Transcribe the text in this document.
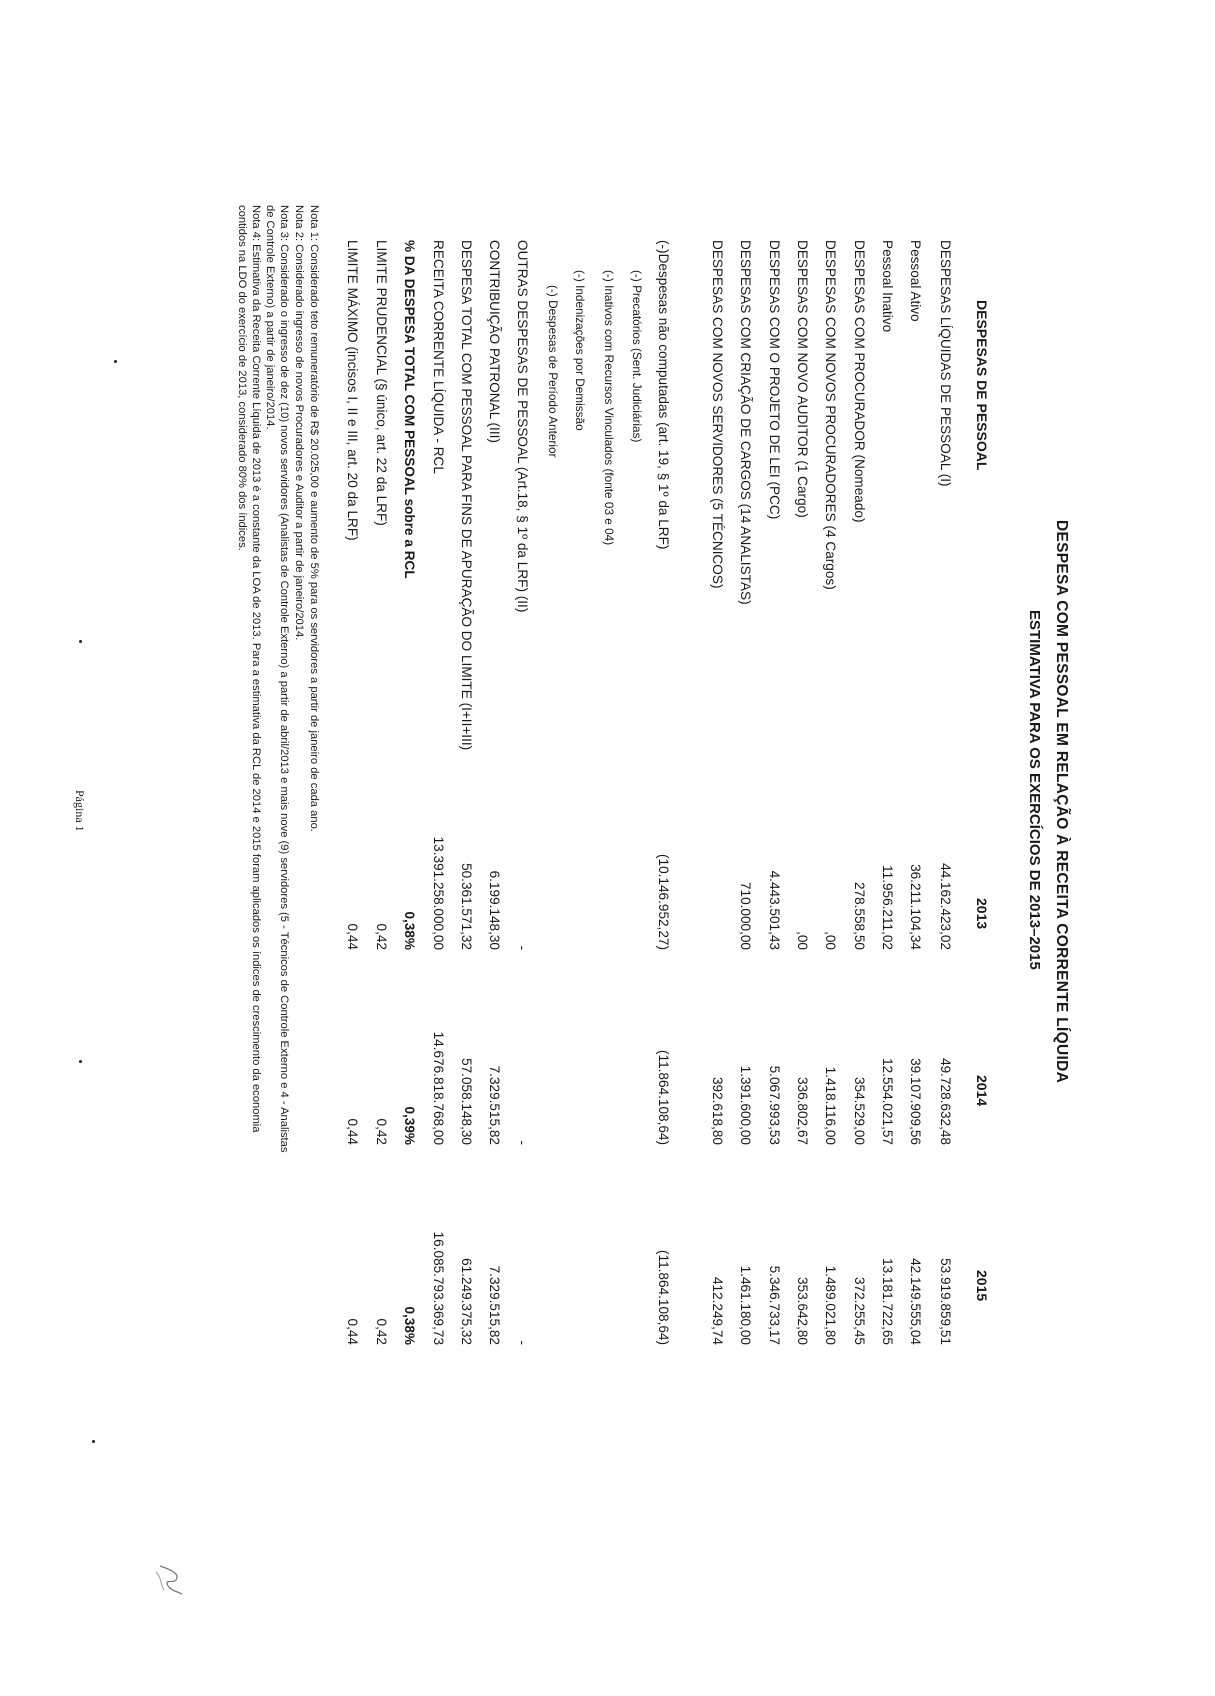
DESPESA COM PESSOAL EM RELAÇÃO À RECEITA CORRENTE LÍQUIDA
ESTIMATIVA PARA OS EXERCÍCIOS DE 2013–2015
DESPESAS DE PESSOAL
2013
2014
2015
DESPESAS LÍQUIDAS DE PESSOAL (I)
44.162.423,02
49.728.632,48
53.919.859,51
Pessoal Ativo
36.211.104,34
39.107.909,56
42.149.555,04
Pessoal Inativo
11.956.211,02
12.554.021,57
13.181.722,65
DESPESAS COM PROCURADOR (Nomeado)
278.558,50
354.529,00
372.255,45
DESPESAS COM NOVOS PROCURADORES (4 Cargos)
,00
1.418.116,00
1.489.021,80
DESPESAS COM NOVO AUDITOR (1 Cargo)
,00
336.802,67
353.642,80
DESPESAS COM O PROJETO DE LEI (PCC)
4.443.501,43
5.067.993,53
5.346.733,17
DESPESAS COM CRIAÇÃO DE CARGOS (14 ANALISTAS)
710.000,00
1.391.600,00
1.461.180,00
DESPESAS COM NOVOS SERVIDORES (5 TÉCNICOS)
392.618,80
412.249,74
(-)Despesas não computadas (art. 19, § 1º da LRF)
(10.146.952,27)
(11.864.108,64)
(11.864.108,64)
(-) Precatórios (Sent. Judiciárias)
(-) Inativos com Recursos Vinculados (fonte 03 e 04)
(-) Indenizações por Demissão
(-) Despesas de Período Anterior
OUTRAS DESPESAS DE PESSOAL (Art.18, § 1º da LRF) (II)
-
-
-
CONTRIBUIÇÃO PATRONAL (III)
6.199.148,30
7.329.515,82
7.329.515,82
DESPESA TOTAL COM PESSOAL PARA FINS DE APURAÇÃO DO LIMITE (I+II+III)
50.361.571,32
57.058.148,30
61.249.375,32
RECEITA CORRENTE LÍQUIDA - RCL
13.391.258.000,00
14.676.818.768,00
16.085.793.369,73
% DA DESPESA TOTAL COM PESSOAL sobre a RCL
0,38%
0,39%
0,38%
LIMITE PRUDENCIAL (§ único, art. 22 da LRF)
0,42
0,42
0,42
LIMITE MÁXIMO (incisos I, II e III, art. 20 da LRF)
0,44
0,44
0,44
Nota 1: Considerado teto remuneratório de R$ 20.025,00 e aumento de 5% para os servidores a partir de janeiro de cada ano.
Nota 2: Considerado ingresso de novos Procuradores e Auditor a partir de janeiro/2014.
Nota 3: Considerado o ingresso de dez (10) novos servidores (Analistas de Controle Externo) a partir de abril/2013 e mais nove (9) servidores (5 - Técnicos de Controle Externo e 4 - Analistas
de Controle Externo) a partir de janeiro/2014.
Nota 4: Estimativa da Receita Corrente Líquida de 2013 é a constante da LOA de 2013. Para a estimativa da RCL de 2014 e 2015 foram aplicados os índices de crescimento da economia
contidos na LDO do exercício de 2013, considerado 80% dos índices.
Página 1
